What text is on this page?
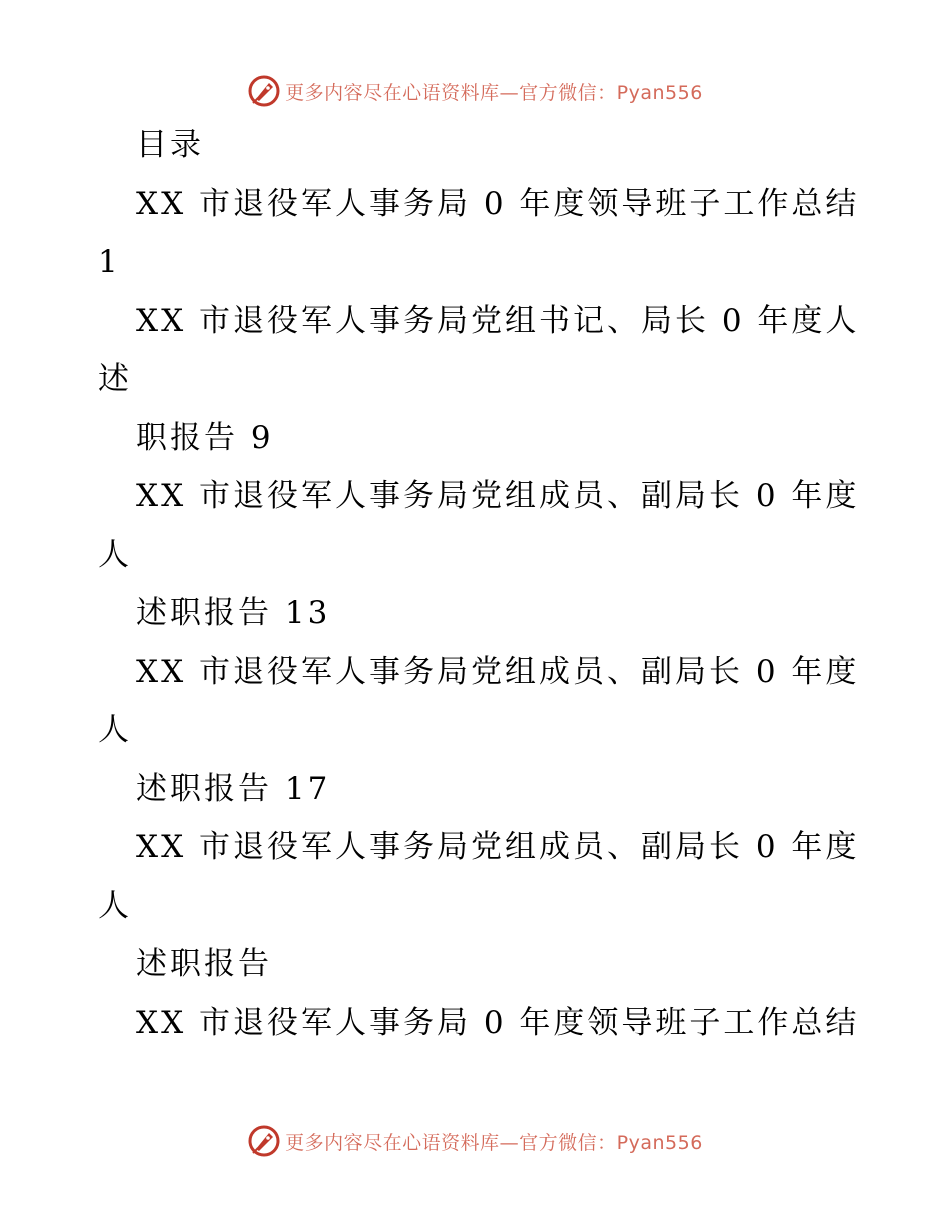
更多内容尽在心语资料库—官方微信：Pyan556
目录
XX 市退役军人事务局 0 年度领导班子工作总结
1
XX 市退役军人事务局党组书记、局长 0 年度人
述
职报告 9
XX 市退役军人事务局党组成员、副局长 0 年度
人
述职报告 13
XX 市退役军人事务局党组成员、副局长 0 年度
人
述职报告 17
XX 市退役军人事务局党组成员、副局长 0 年度
人
述职报告
XX 市退役军人事务局 0 年度领导班子工作总结
更多内容尽在心语资料库—官方微信：Pyan556
